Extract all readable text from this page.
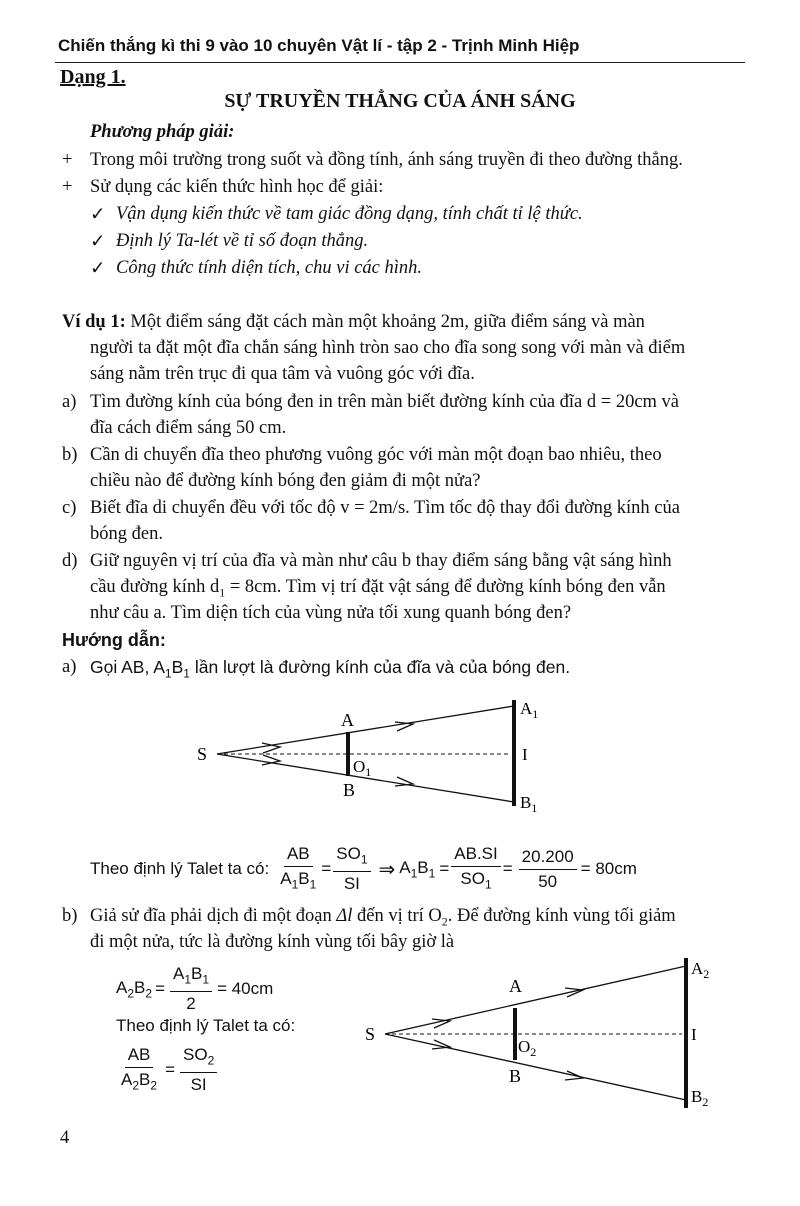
Chiến thắng kì thi 9 vào 10 chuyên Vật lí - tập 2 - Trịnh Minh Hiệp
Dạng 1.
SỰ TRUYỀN THẲNG CỦA ÁNH SÁNG
Phương pháp giải:
+ Trong môi trường trong suốt và đồng tính, ánh sáng truyền đi theo đường thẳng.
+ Sử dụng các kiến thức hình học để giải:
✓ Vận dụng kiến thức về tam giác đồng dạng, tính chất tỉ lệ thức.
✓ Định lý Ta-lét về tỉ số đoạn thẳng.
✓ Công thức tính diện tích, chu vi các hình.
Ví dụ 1: Một điểm sáng đặt cách màn một khoảng 2m, giữa điểm sáng và màn
người ta đặt một đĩa chắn sáng hình tròn sao cho đĩa song song với màn và điểm
sáng nằm trên trục đi qua tâm và vuông góc với đĩa.
a) Tìm đường kính của bóng đen in trên màn biết đường kính của đĩa d = 20cm và
đĩa cách điểm sáng 50 cm.
b) Cần di chuyển đĩa theo phương vuông góc với màn một đoạn bao nhiêu, theo
chiều nào để đường kính bóng đen giảm đi một nửa?
c) Biết đĩa di chuyển đều với tốc độ v = 2m/s. Tìm tốc độ thay đổi đường kính của
bóng đen.
d) Giữ nguyên vị trí của đĩa và màn như câu b thay điểm sáng bằng vật sáng hình
cầu đường kính $d_1 = 8cm$. Tìm vị trí đặt vật sáng để đường kính bóng đen vẫn
như câu a. Tìm diện tích của vùng nửa tối xung quanh bóng đen?
Hướng dẫn:
a) Gọi AB, $A_1B_1$ lần lượt là đường kính của đĩa và của bóng đen.
S
A
B
$O_1$
$A_1$
I
$B_1$
Theo định lý Talet ta có: $\frac{AB}{A_1B_1} = \frac{SO_1}{SI}$ ⇒ $A_1B_1 = \frac{AB.SI}{SO_1} = \frac{20.200}{50} = 80cm$
b) Giả sử đĩa phải dịch đi một đoạn Δl đến vị trí $O_2$. Để đường kính vùng tối giảm
đi một nửa, tức là đường kính vùng tối bây giờ là
$A_2B_2 = \frac{A_1B_1}{2} = 40cm$
Theo định lý Talet ta có:
$\frac{AB}{A_2B_2} = \frac{SO_2}{SI}$
S
A
B
$O_2$
$A_2$
I
$B_2$
4
